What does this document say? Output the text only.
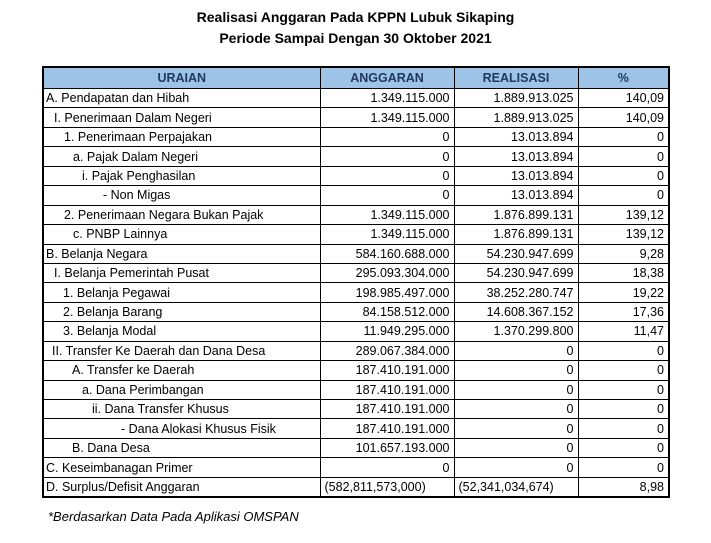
Realisasi Anggaran Pada KPPN Lubuk Sikaping
Periode Sampai Dengan 30 Oktober 2021
URAIAN	ANGGARAN	REALISASI	%
A. Pendapatan dan Hibah	1.349.115.000	1.889.913.025	140,09
I. Penerimaan Dalam Negeri	1.349.115.000	1.889.913.025	140,09
1. Penerimaan Perpajakan	0	13.013.894	0
a. Pajak Dalam Negeri	0	13.013.894	0
i. Pajak Penghasilan	0	13.013.894	0
- Non Migas	0	13.013.894	0
2. Penerimaan Negara Bukan Pajak	1.349.115.000	1.876.899.131	139,12
c. PNBP Lainnya	1.349.115.000	1.876.899.131	139,12
B. Belanja Negara	584.160.688.000	54.230.947.699	9,28
I. Belanja Pemerintah Pusat	295.093.304.000	54.230.947.699	18,38
1. Belanja Pegawai	198.985.497.000	38.252.280.747	19,22
2. Belanja Barang	84.158.512.000	14.608.367.152	17,36
3. Belanja Modal	11.949.295.000	1.370.299.800	11,47
II. Transfer Ke Daerah dan Dana Desa	289.067.384.000	0	0
A. Transfer ke Daerah	187.410.191.000	0	0
a. Dana Perimbangan	187.410.191.000	0	0
ii. Dana Transfer Khusus	187.410.191.000	0	0
- Dana Alokasi Khusus Fisik	187.410.191.000	0	0
B. Dana Desa	101.657.193.000	0	0
C. Keseimbanagan Primer	0	0	0
D. Surplus/Defisit Anggaran	(582,811,573,000)	(52,341,034,674)	8,98
*Berdasarkan Data Pada Aplikasi OMSPAN
